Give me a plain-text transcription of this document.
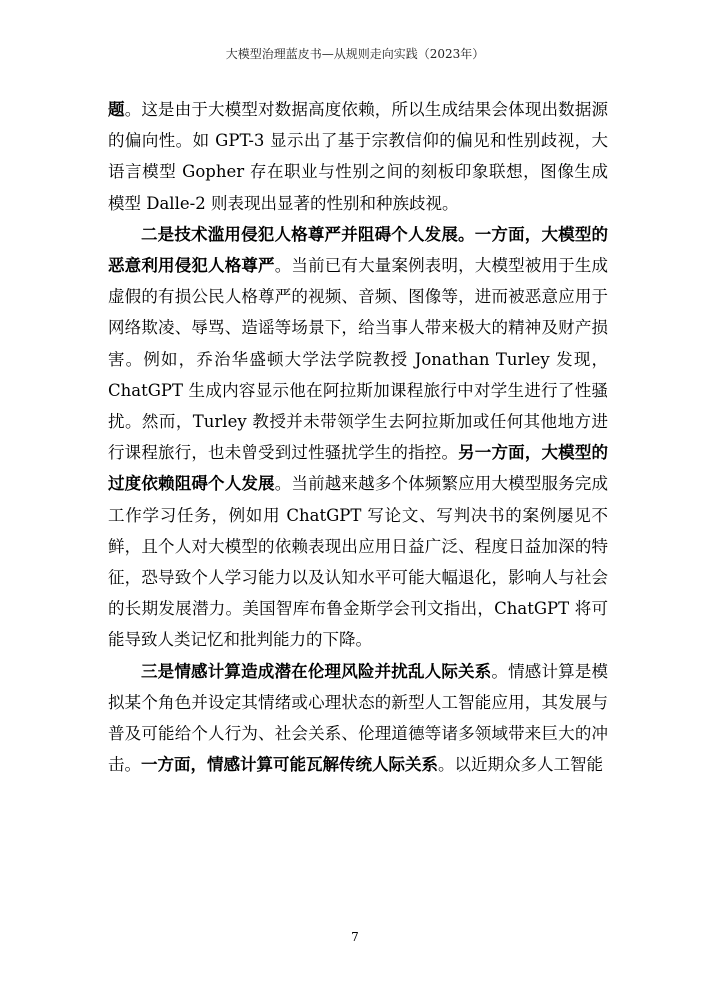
大模型治理蓝皮书—从规则走向实践（2023年）

题。这是由于大模型对数据高度依赖，所以生成结果会体现出数据源的偏向性。如 GPT-3 显示出了基于宗教信仰的偏见和性别歧视，大语言模型 Gopher 存在职业与性别之间的刻板印象联想，图像生成模型 Dalle-2 则表现出显著的性别和种族歧视。

二是技术滥用侵犯人格尊严并阻碍个人发展。一方面，大模型的恶意利用侵犯人格尊严。当前已有大量案例表明，大模型被用于生成虚假的有损公民人格尊严的视频、音频、图像等，进而被恶意应用于网络欺凌、辱骂、造谣等场景下，给当事人带来极大的精神及财产损害。例如，乔治华盛顿大学法学院教授 Jonathan Turley 发现，ChatGPT 生成内容显示他在阿拉斯加课程旅行中对学生进行了性骚扰。然而，Turley 教授并未带领学生去阿拉斯加或任何其他地方进行课程旅行，也未曾受到过性骚扰学生的指控。另一方面，大模型的过度依赖阻碍个人发展。当前越来越多个体频繁应用大模型服务完成工作学习任务，例如用 ChatGPT 写论文、写判决书的案例屡见不鲜，且个人对大模型的依赖表现出应用日益广泛、程度日益加深的特征，恐导致个人学习能力以及认知水平可能大幅退化，影响人与社会的长期发展潜力。美国智库布鲁金斯学会刊文指出，ChatGPT 将可能导致人类记忆和批判能力的下降。

三是情感计算造成潜在伦理风险并扰乱人际关系。情感计算是模拟某个角色并设定其情绪或心理状态的新型人工智能应用，其发展与普及可能给个人行为、社会关系、伦理道德等诸多领域带来巨大的冲击。一方面，情感计算可能瓦解传统人际关系。以近期众多人工智能

7
